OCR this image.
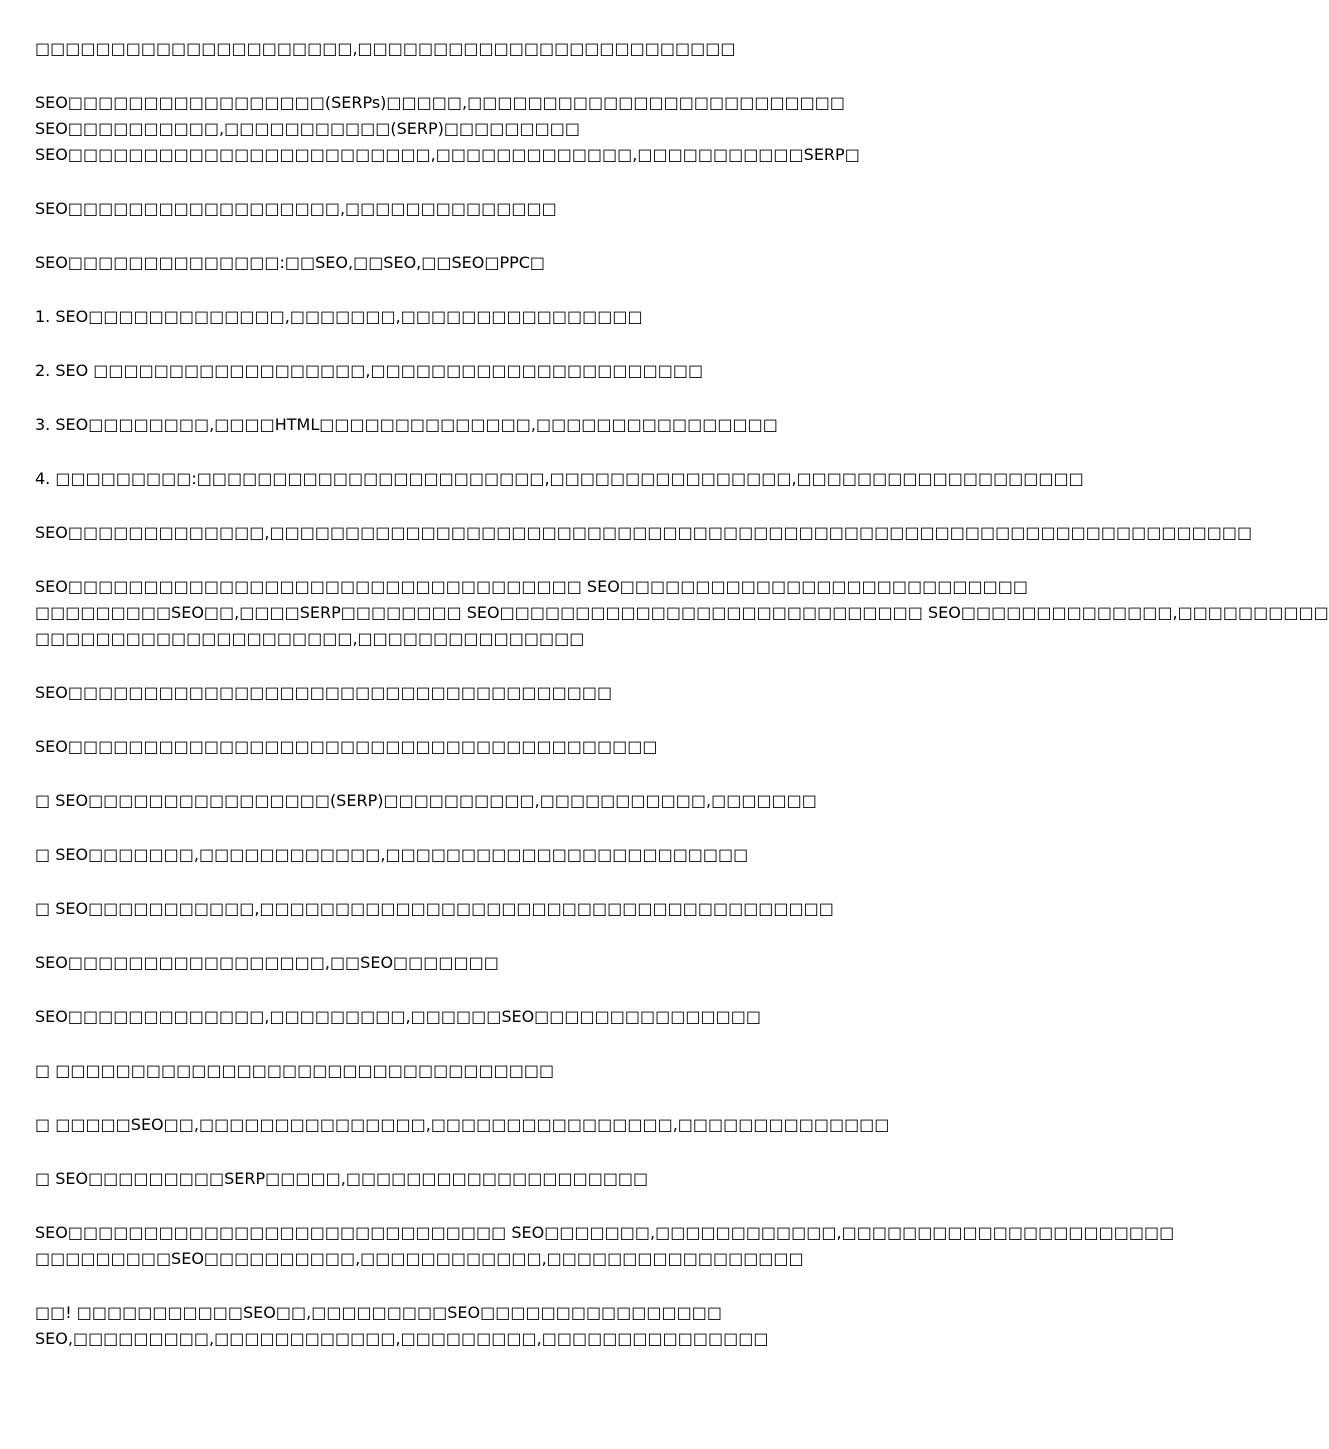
□□□□□□□□□□□□□□□□□□□□□,□□□□□□□□□□□□□□□□□□□□□□□□□
SEO□□□□□□□□□□□□□□□□□(SERPs)□□□□□,□□□□□□□□□□□□□□□□□□□□□□□□□
SEO□□□□□□□□□□,□□□□□□□□□□□(SERP)□□□□□□□□□
SEO□□□□□□□□□□□□□□□□□□□□□□□□,□□□□□□□□□□□□□,□□□□□□□□□□□SERP□
SEO□□□□□□□□□□□□□□□□□□,□□□□□□□□□□□□□□
SEO□□□□□□□□□□□□□□:□□SEO,□□SEO,□□SEO□PPC□
1. SEO□□□□□□□□□□□□□,□□□□□□□,□□□□□□□□□□□□□□□□
2. SEO □□□□□□□□□□□□□□□□□□,□□□□□□□□□□□□□□□□□□□□□□
3. SEO□□□□□□□□,□□□□HTML□□□□□□□□□□□□□□,□□□□□□□□□□□□□□□□
4. □□□□□□□□□:□□□□□□□□□□□□□□□□□□□□□□□,□□□□□□□□□□□□□□□□,□□□□□□□□□□□□□□□□□□□
SEO□□□□□□□□□□□□□,□□□□□□□□□□□□□□□□□□□□□□□□□□□□□□□□□□□□□□□□□□□□□□□□□□□□□□□□□□□□□□□□□
SEO□□□□□□□□□□□□□□□□□□□□□□□□□□□□□□□□□□ SEO□□□□□□□□□□□□□□□□□□□□□□□□□□□
□□□□□□□□□SEO□□,□□□□SERP□□□□□□□□ SEO□□□□□□□□□□□□□□□□□□□□□□□□□□□□ SEO□□□□□□□□□□□□□□,□□□□□□□□□□
□□□□□□□□□□□□□□□□□□□□□,□□□□□□□□□□□□□□□
SEO□□□□□□□□□□□□□□□□□□□□□□□□□□□□□□□□□□□□
SEO□□□□□□□□□□□□□□□□□□□□□□□□□□□□□□□□□□□□□□□
□ SEO□□□□□□□□□□□□□□□□(SERP)□□□□□□□□□□,□□□□□□□□□□□,□□□□□□□
□ SEO□□□□□□□,□□□□□□□□□□□□,□□□□□□□□□□□□□□□□□□□□□□□□
□ SEO□□□□□□□□□□□,□□□□□□□□□□□□□□□□□□□□□□□□□□□□□□□□□□□□□□
SEO□□□□□□□□□□□□□□□□□,□□SEO□□□□□□□
SEO□□□□□□□□□□□□□,□□□□□□□□□,□□□□□□SEO□□□□□□□□□□□□□□□
□ □□□□□□□□□□□□□□□□□□□□□□□□□□□□□□□□□
□ □□□□□SEO□□,□□□□□□□□□□□□□□□,□□□□□□□□□□□□□□□□,□□□□□□□□□□□□□□
□ SEO□□□□□□□□□SERP□□□□□,□□□□□□□□□□□□□□□□□□□□
SEO□□□□□□□□□□□□□□□□□□□□□□□□□□□□□ SEO□□□□□□□,□□□□□□□□□□□□,□□□□□□□□□□□□□□□□□□□□□□
□□□□□□□□□SEO□□□□□□□□□□,□□□□□□□□□□□□,□□□□□□□□□□□□□□□□□
□□! □□□□□□□□□□□SEO□□,□□□□□□□□□SEO□□□□□□□□□□□□□□□□
SEO,□□□□□□□□□,□□□□□□□□□□□□,□□□□□□□□□,□□□□□□□□□□□□□□□
